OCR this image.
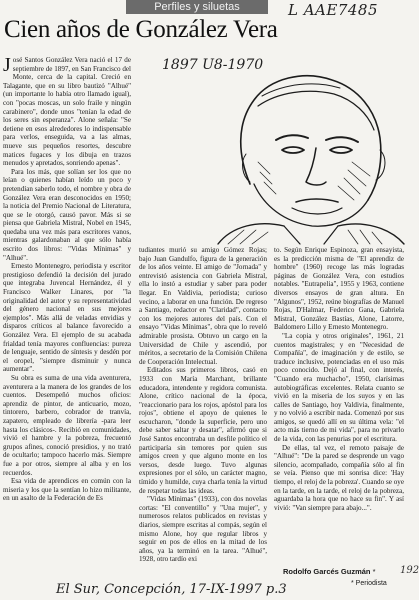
Perfiles y siluetas	L AAE7485
Cien años de González Vera
1897 U8-1970

José Santos González Vera nació el 17 de septiembre de 1897, en San Francisco del Monte, cerca de la capital. Creció en Talagante, que en su libro bautizó "Alhué" (un importante lo había otro llamado igual), con "pocas moscas, un solo fraile y ningún carabinero", donde unos "tenían la edad de los seres sin esperanza". Alone señala: "Se detiene en esos alrededores lo indispensable para verlos, enseguida, va a las almas, mueve sus pequeños resortes, descubre matices fugaces y los dibuja en trazos menudos y apretados, sonriendo apenas".

Para los más, que solían ser los que no leían o quienes habían leído un poco y pretendían saberlo todo, el nombre y obra de González Vera eran desconocidos en 1950; la noticia del Premio Nacional de Literatura, que se le otorgó, causó pavor. Más si se piensa que Gabriela Mistral, Nobel en 1945, quedaba una vez más para escritores vanos, mientras galardonaban al que sólo había escrito dos libros: "Vidas Mínimas" y "Alhué".

Ernesto Montenegro, periodista y escritor prestigioso defendió la decisión del jurado que integraba Juvencal Hernández, él y Francisco Walker Linares, por "la originalidad del autor y su representatividad del género nacional en sus mejores ejemplos". Más allá de veladas envidias y disparos críticos al balance favorecido a González Vera. El ejemplo de su acabada frialdad tenía mayores confluencias: pureza de lenguaje, sentido de síntesis y desdén por el oropel, "siempre disminuir y nunca aumentar".

Su obra es suma de una vida aventurera, aventurera a la manera de los grandes de los cuentos. Desempeñó muchos oficios: aprendiz de pintor, de anticuario, mozo, tintorero, barbero, cobrador de tranvía, zapatero, empleado de librería -para leer hasta los clásicos-. Recibió en comunidades, vivió el hambre y la pobreza, frecuentó grupos afines, conoció presidios, y no trató de ocultarlo; tampoco hacerlo más. Siempre fue a por otros, siempre al alba y en los recuerdos.

Esa vida de aprendices en común con la miseria y los que la sentían lo hizo militante, en un asalto de la Federación de Es

tudiantes murió su amigo Gómez Rojas; bajo Juan Gandulfo, figura de la generación de los años veinte. El amigo de "Jornada" y entrevistó asistencia con Gabriela Mistral, ella lo instó a estudiar y saber para poder llegar. En Valdivia, periodista; curioso vecino, a laborar en una función. De regreso a Santiago, redactor en "Claridad", contacto con los mejores autores del país. Con el ensayo "Vidas Mínimas", obra que lo reveló admirable prosista. Obtuvo un cargo en la Universidad de Chile y ascendió, por méritos, a secretario de la Comisión Chilena de Cooperación Intelectual.

Editados sus primeros libros, casó en 1933 con María Marchant, brillante educadora, intendente y regidora comunista. Alone, crítico nacional de la época, "reaccionario para los rojos, apóstol para los rojos", obtiene el apoyo de quienes le escucharon, "donde la superficie, pero uno debe saber saltar y desatar", afirmó que si José Santos encontraba un desfile político el participaría sin temores por quien sus amigos creen y que alguno monte en los versos, desde luego. Tuvo algunas expresiones por el sólo, un carácter magno, tímido y humilde, cuya charla tenía la virtud de respetar todas las ideas.

"Vidas Mínimas" (1933), con dos novelas cortas: "El conventillo" y "Una mujer", y numerosos relatos publicados en revistas y diarios, siempre escritas al compás, según el mismo Alone, hoy que regular libros y seguir en pos de ellos en la mitad de los años, ya la terminó en la tarea. "Alhué", 1928, otro tardío exi

to. Según Enrique Espinoza, gran ensayista, es la predicción misma de "El aprendiz de hombre" (1960) recoge las más logradas páginas de González Vera, con estudios notables. "Eutrapelia", 1955 y 1963, contiene diversos ensayos de gran altura. En "Algunos", 1952, reúne biografías de Manuel Rojas, D'Halmar, Federico Gana, Gabriela Mistral, González Bastías, Alone, Latorre, Baldomero Lillo y Ernesto Montenegro.

"La copia y otros originales", 1961, 21 cuentos magistrales; y en "Necesidad de Compañía", de imaginación y de estilo, se traduce inclusive, potenciadas en el uso más poco conocido. Dejó al final, con interés, "Cuando era muchacho", 1950, clarísimas autobiográficas excelentes. Relata cuanto se vivió en la miseria de los suyos y en las calles de Santiago, hoy Valdivia, finalmente, y no volvió a escribir nada. Comenzó por sus amigos, se quedó allí en su última vela: "el acto más tierno de mi vida", para no privarlo de la vida, con las penurias por el escritura.

De ellas, tal vez, el remoto paisaje de "Alhué": "De la pared se desprende un vago silencio, acompañado, compañía sólo al fin se veía. Pienso que mi sonrisa dice: 'Hay tiempo, el reloj de la pobreza'. Cuando se oye en la tarde, en la tarde, el reloj de la pobreza, aguardaba la hora que no hace su fin". Y así vivió: "Van siempre para abajo...".

Rodolfo Garcés Guzmán * 192
* Periodista
El Sur, Concepción, 17-IX-1997 p.3
